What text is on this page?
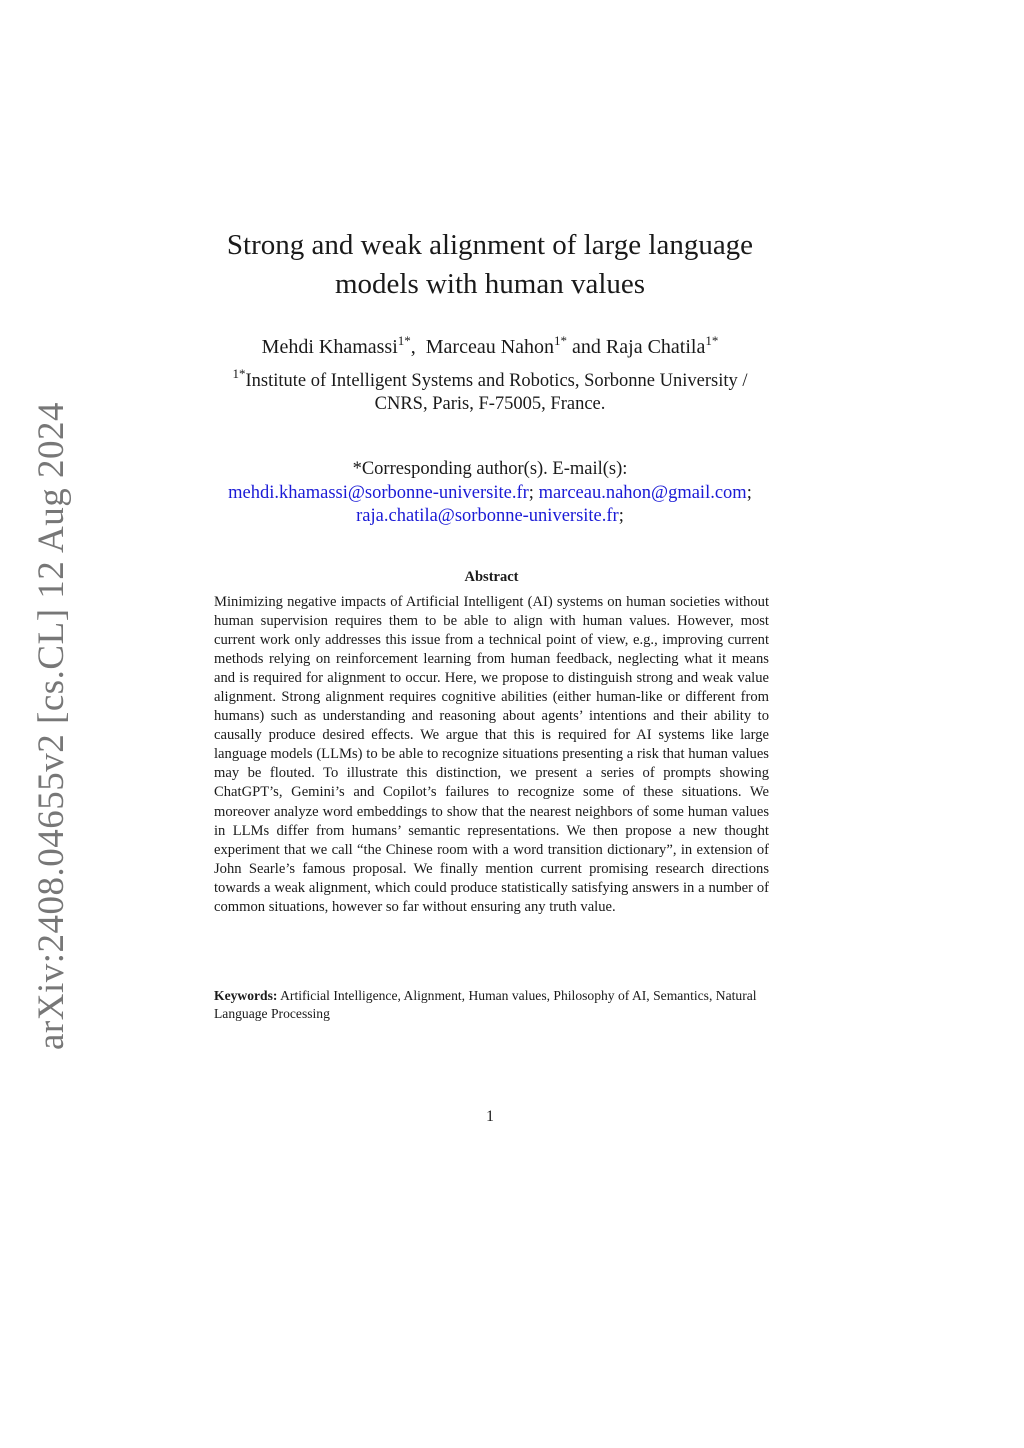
arXiv:2408.04655v2 [cs.CL] 12 Aug 2024
Strong and weak alignment of large language
models with human values
Mehdi Khamassi$^{1*}$,  Marceau Nahon$^{1*}$ and Raja Chatila$^{1*}$
$^{1*}$Institute of Intelligent Systems and Robotics, Sorbonne University /
CNRS, Paris, F-75005, France.
*Corresponding author(s). E-mail(s):
mehdi.khamassi@sorbonne-universite.fr; marceau.nahon@gmail.com;
raja.chatila@sorbonne-universite.fr;
Abstract

Minimizing negative impacts of Artificial Intelligent (AI) systems on human societies without human supervision requires them to be able to align with human values. However, most current work only addresses this issue from a technical point of view, e.g., improving current methods relying on reinforcement learning from human feedback, neglecting what it means and is required for alignment to occur. Here, we propose to distinguish strong and weak value alignment. Strong alignment requires cognitive abilities (either human-like or different from humans) such as understanding and reasoning about agents’ intentions and their ability to causally produce desired effects. We argue that this is required for AI systems like large language models (LLMs) to be able to recognize situations presenting a risk that human values may be flouted. To illustrate this distinction, we present a series of prompts showing ChatGPT’s, Gemini’s and Copilot’s failures to recognize some of these situations. We moreover analyze word embeddings to show that the nearest neighbors of some human values in LLMs differ from humans’ semantic representations. We then propose a new thought experiment that we call “the Chinese room with a word transition dictionary”, in extension of John Searle’s famous proposal. We finally mention current promising research directions towards a weak alignment, which could produce statistically satisfying answers in a number of common situations, however so far without ensuring any truth value.

Keywords: Artificial Intelligence, Alignment, Human values, Philosophy of AI, Semantics, Natural Language Processing

1
